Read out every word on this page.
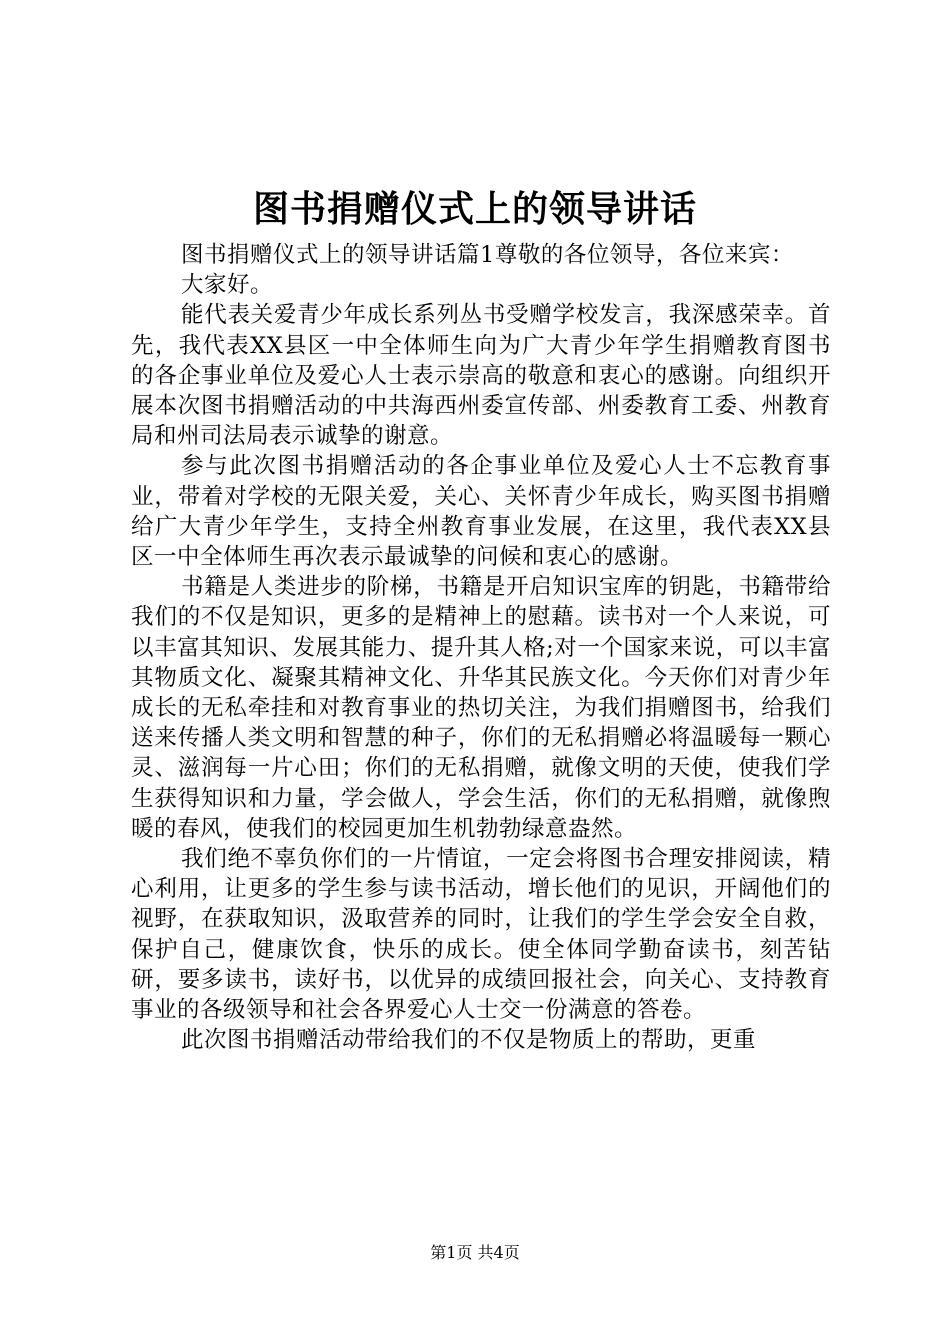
图书捐赠仪式上的领导讲话

图书捐赠仪式上的领导讲话篇1尊敬的各位领导，各位来宾：

大家好。

能代表关爱青少年成长系列丛书受赠学校发言，我深感荣幸。首先，我代表XX县区一中全体师生向为广大青少年学生捐赠教育图书的各企事业单位及爱心人士表示崇高的敬意和衷心的感谢。向组织开展本次图书捐赠活动的中共海西州委宣传部、州委教育工委、州教育局和州司法局表示诚挚的谢意。

参与此次图书捐赠活动的各企事业单位及爱心人士不忘教育事业，带着对学校的无限关爱，关心、关怀青少年成长，购买图书捐赠给广大青少年学生，支持全州教育事业发展，在这里，我代表XX县区一中全体师生再次表示最诚挚的问候和衷心的感谢。

书籍是人类进步的阶梯，书籍是开启知识宝库的钥匙，书籍带给我们的不仅是知识，更多的是精神上的慰藉。读书对一个人来说，可以丰富其知识、发展其能力、提升其人格;对一个国家来说，可以丰富其物质文化、凝聚其精神文化、升华其民族文化。今天你们对青少年成长的无私牵挂和对教育事业的热切关注，为我们捐赠图书，给我们送来传播人类文明和智慧的种子，你们的无私捐赠必将温暖每一颗心灵、滋润每一片心田；你们的无私捐赠，就像文明的天使，使我们学生获得知识和力量，学会做人，学会生活，你们的无私捐赠，就像煦暖的春风，使我们的校园更加生机勃勃绿意盎然。

我们绝不辜负你们的一片情谊，一定会将图书合理安排阅读，精心利用，让更多的学生参与读书活动，增长他们的见识，开阔他们的视野，在获取知识，汲取营养的同时，让我们的学生学会安全自救，保护自己，健康饮食，快乐的成长。使全体同学勤奋读书，刻苦钻研，要多读书，读好书，以优异的成绩回报社会，向关心、支持教育事业的各级领导和社会各界爱心人士交一份满意的答卷。

此次图书捐赠活动带给我们的不仅是物质上的帮助，更重

第1页 共4页
